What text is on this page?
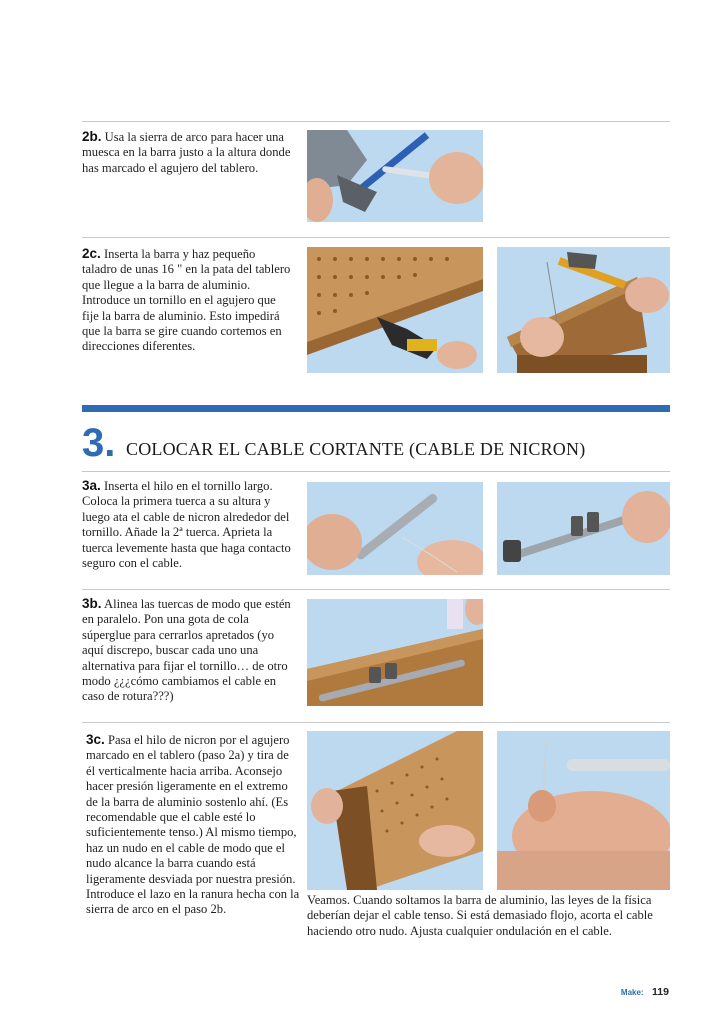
2b. Usa la sierra de arco para hacer una muesca en la barra justo a la altura donde has marcado el agujero del tablero.
2c. Inserta la barra y haz pequeño taladro de unas 16 " en la pata del tablero que llegue a la barra de aluminio. Introduce un tornillo en el agujero que fije la barra de aluminio. Esto impedirá que la barra se gire cuando cortemos en direcciones diferentes.
3. COLOCAR EL CABLE CORTANTE (CABLE DE NICRON)
3a. Inserta el hilo en el tornillo largo. Coloca la primera tuerca a su altura y luego ata el cable de nicron alrededor del tornillo. Añade la 2ª tuerca. Aprieta la tuerca levemente hasta que haga contacto seguro con el cable.
3b. Alinea las tuercas de modo que estén en paralelo. Pon una gota de cola súperglue para cerrarlos apretados (yo aquí discrepo, buscar cada uno una alternativa para fijar el tornillo… de otro modo ¿¿¿cómo cambiamos el cable en caso de rotura???)
3c. Pasa el hilo de nicron por el agujero marcado en el tablero (paso 2a) y tira de él verticalmente hacia arriba. Aconsejo hacer presión ligeramente en el extremo de la barra de aluminio sostenlo ahí. (Es recomendable que el cable esté lo suficientemente tenso.) Al mismo tiempo, haz un nudo en el cable de modo que el nudo alcance la barra cuando está ligeramente desviada por nuestra presión. Introduce el lazo en la ranura hecha con la sierra de arco en el paso 2b.
Veamos. Cuando soltamos la barra de aluminio, las leyes de la física deberían dejar el cable tenso. Si está demasiado flojo, acorta el cable haciendo otro nudo. Ajusta cualquier ondulación en el cable.
Make: 119
